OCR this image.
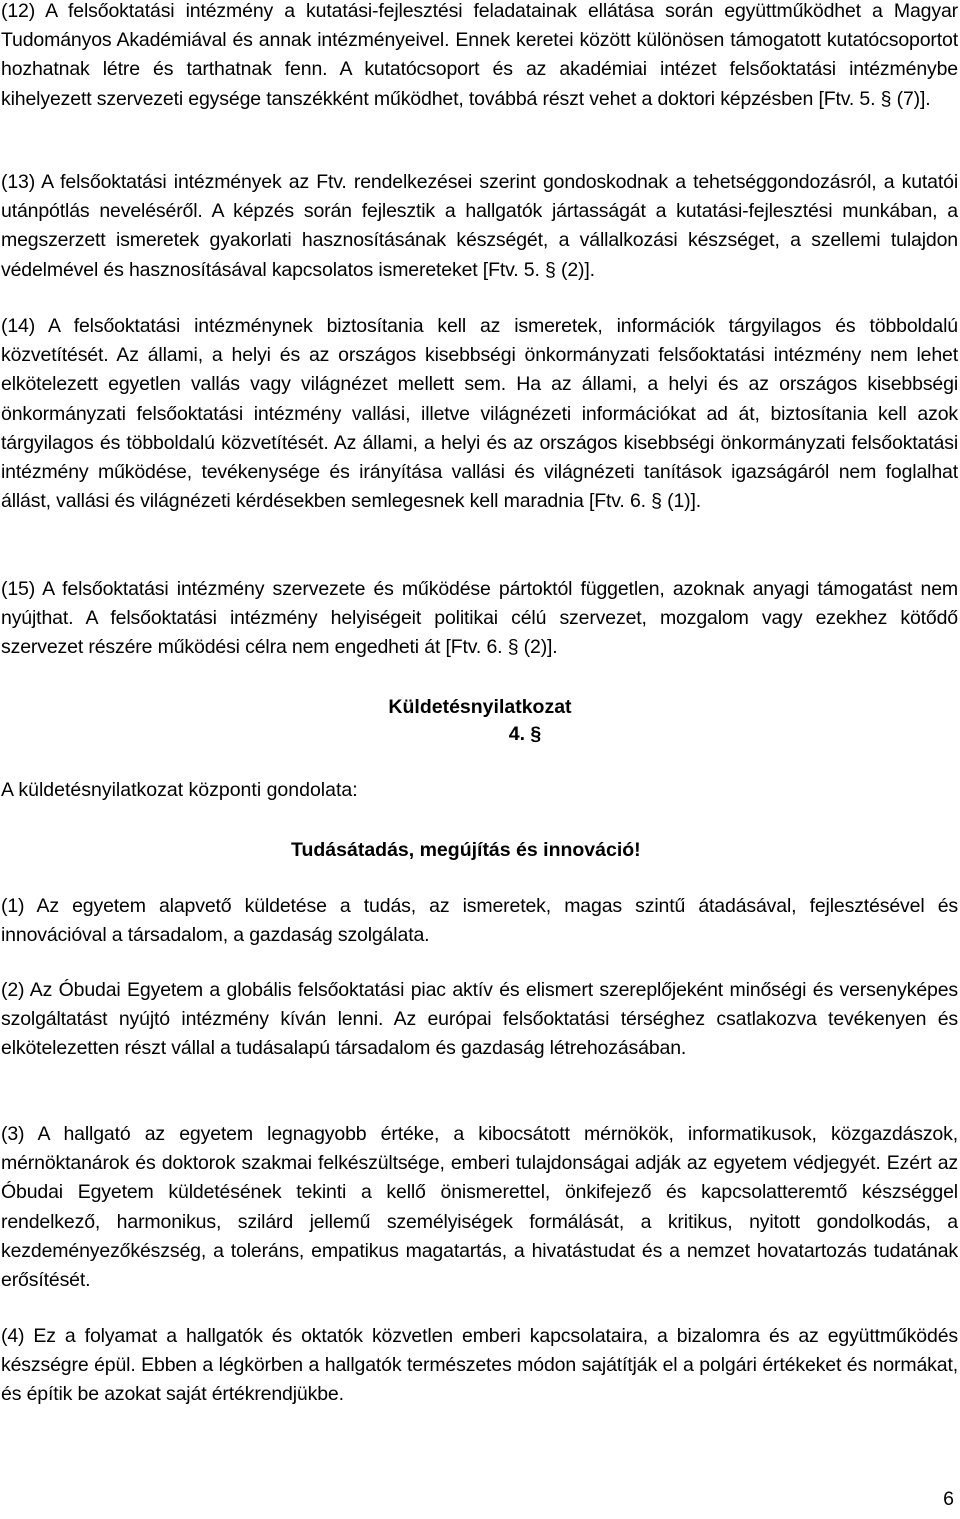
(12) A felsőoktatási intézmény a kutatási-fejlesztési feladatainak ellátása során együttműködhet a Magyar Tudományos Akadémiával és annak intézményeivel. Ennek keretei között különösen támogatott kutatócsoportot hozhatnak létre és tarthatnak fenn. A kutatócsoport és az akadémiai intézet felsőoktatási intézménybe kihelyezett szervezeti egysége tanszékként működhet, továbbá részt vehet a doktori képzésben [Ftv. 5. § (7)].

(13) A felsőoktatási intézmények az Ftv. rendelkezései szerint gondoskodnak a tehetséggondozásról, a kutatói utánpótlás neveléséről. A képzés során fejlesztik a hallgatók jártasságát a kutatási-fejlesztési munkában, a megszerzett ismeretek gyakorlati hasznosításának készségét, a vállalkozási készséget, a szellemi tulajdon védelmével és hasznosításával kapcsolatos ismereteket [Ftv. 5. § (2)].

(14) A felsőoktatási intézménynek biztosítania kell az ismeretek, információk tárgyilagos és többoldalú közvetítését. Az állami, a helyi és az országos kisebbségi önkormányzati felsőoktatási intézmény nem lehet elkötelezett egyetlen vallás vagy világnézet mellett sem. Ha az állami, a helyi és az országos kisebbségi önkormányzati felsőoktatási intézmény vallási, illetve világnézeti információkat ad át, biztosítania kell azok tárgyilagos és többoldalú közvetítését. Az állami, a helyi és az országos kisebbségi önkormányzati felsőoktatási intézmény működése, tevékenysége és irányítása vallási és világnézeti tanítások igazságáról nem foglalhat állást, vallási és világnézeti kérdésekben semlegesnek kell maradnia [Ftv. 6. § (1)].

(15) A felsőoktatási intézmény szervezete és működése pártoktól független, azoknak anyagi támogatást nem nyújthat. A felsőoktatási intézmény helyiségeit politikai célú szervezet, mozgalom vagy ezekhez kötődő szervezet részére működési célra nem engedheti át [Ftv. 6. § (2)].

Küldetésnyilatkozat
4. §
A küldetésnyilatkozat központi gondolata:
Tudásátadás, megújítás és innováció!

(1) Az egyetem alapvető küldetése a tudás, az ismeretek, magas szintű átadásával, fejlesztésével és innovációval a társadalom, a gazdaság szolgálata.

(2) Az Óbudai Egyetem a globális felsőoktatási piac aktív és elismert szereplőjeként minőségi és versenyképes szolgáltatást nyújtó intézmény kíván lenni. Az európai felsőoktatási térséghez csatlakozva tevékenyen és elkötelezetten részt vállal a tudásalapú társadalom és gazdaság létrehozásában.

(3) A hallgató az egyetem legnagyobb értéke, a kibocsátott mérnökök, informatikusok, közgazdászok, mérnöktanárok és doktorok szakmai felkészültsége, emberi tulajdonságai adják az egyetem védjegyét. Ezért az Óbudai Egyetem küldetésének tekinti a kellő önismerettel, önkifejező és kapcsolatteremtő készséggel rendelkező, harmonikus, szilárd jellemű személyiségek formálását, a kritikus, nyitott gondolkodás, a kezdeményezőkészség, a toleráns, empatikus magatartás, a hivatástudat és a nemzet hovatartozás tudatának erősítését.

(4) Ez a folyamat a hallgatók és oktatók közvetlen emberi kapcsolataira, a bizalomra és az együttműködés készségre épül. Ebben a légkörben a hallgatók természetes módon sajátítják el a polgári értékeket és normákat, és építik be azokat saját értékrendjükbe.

6
